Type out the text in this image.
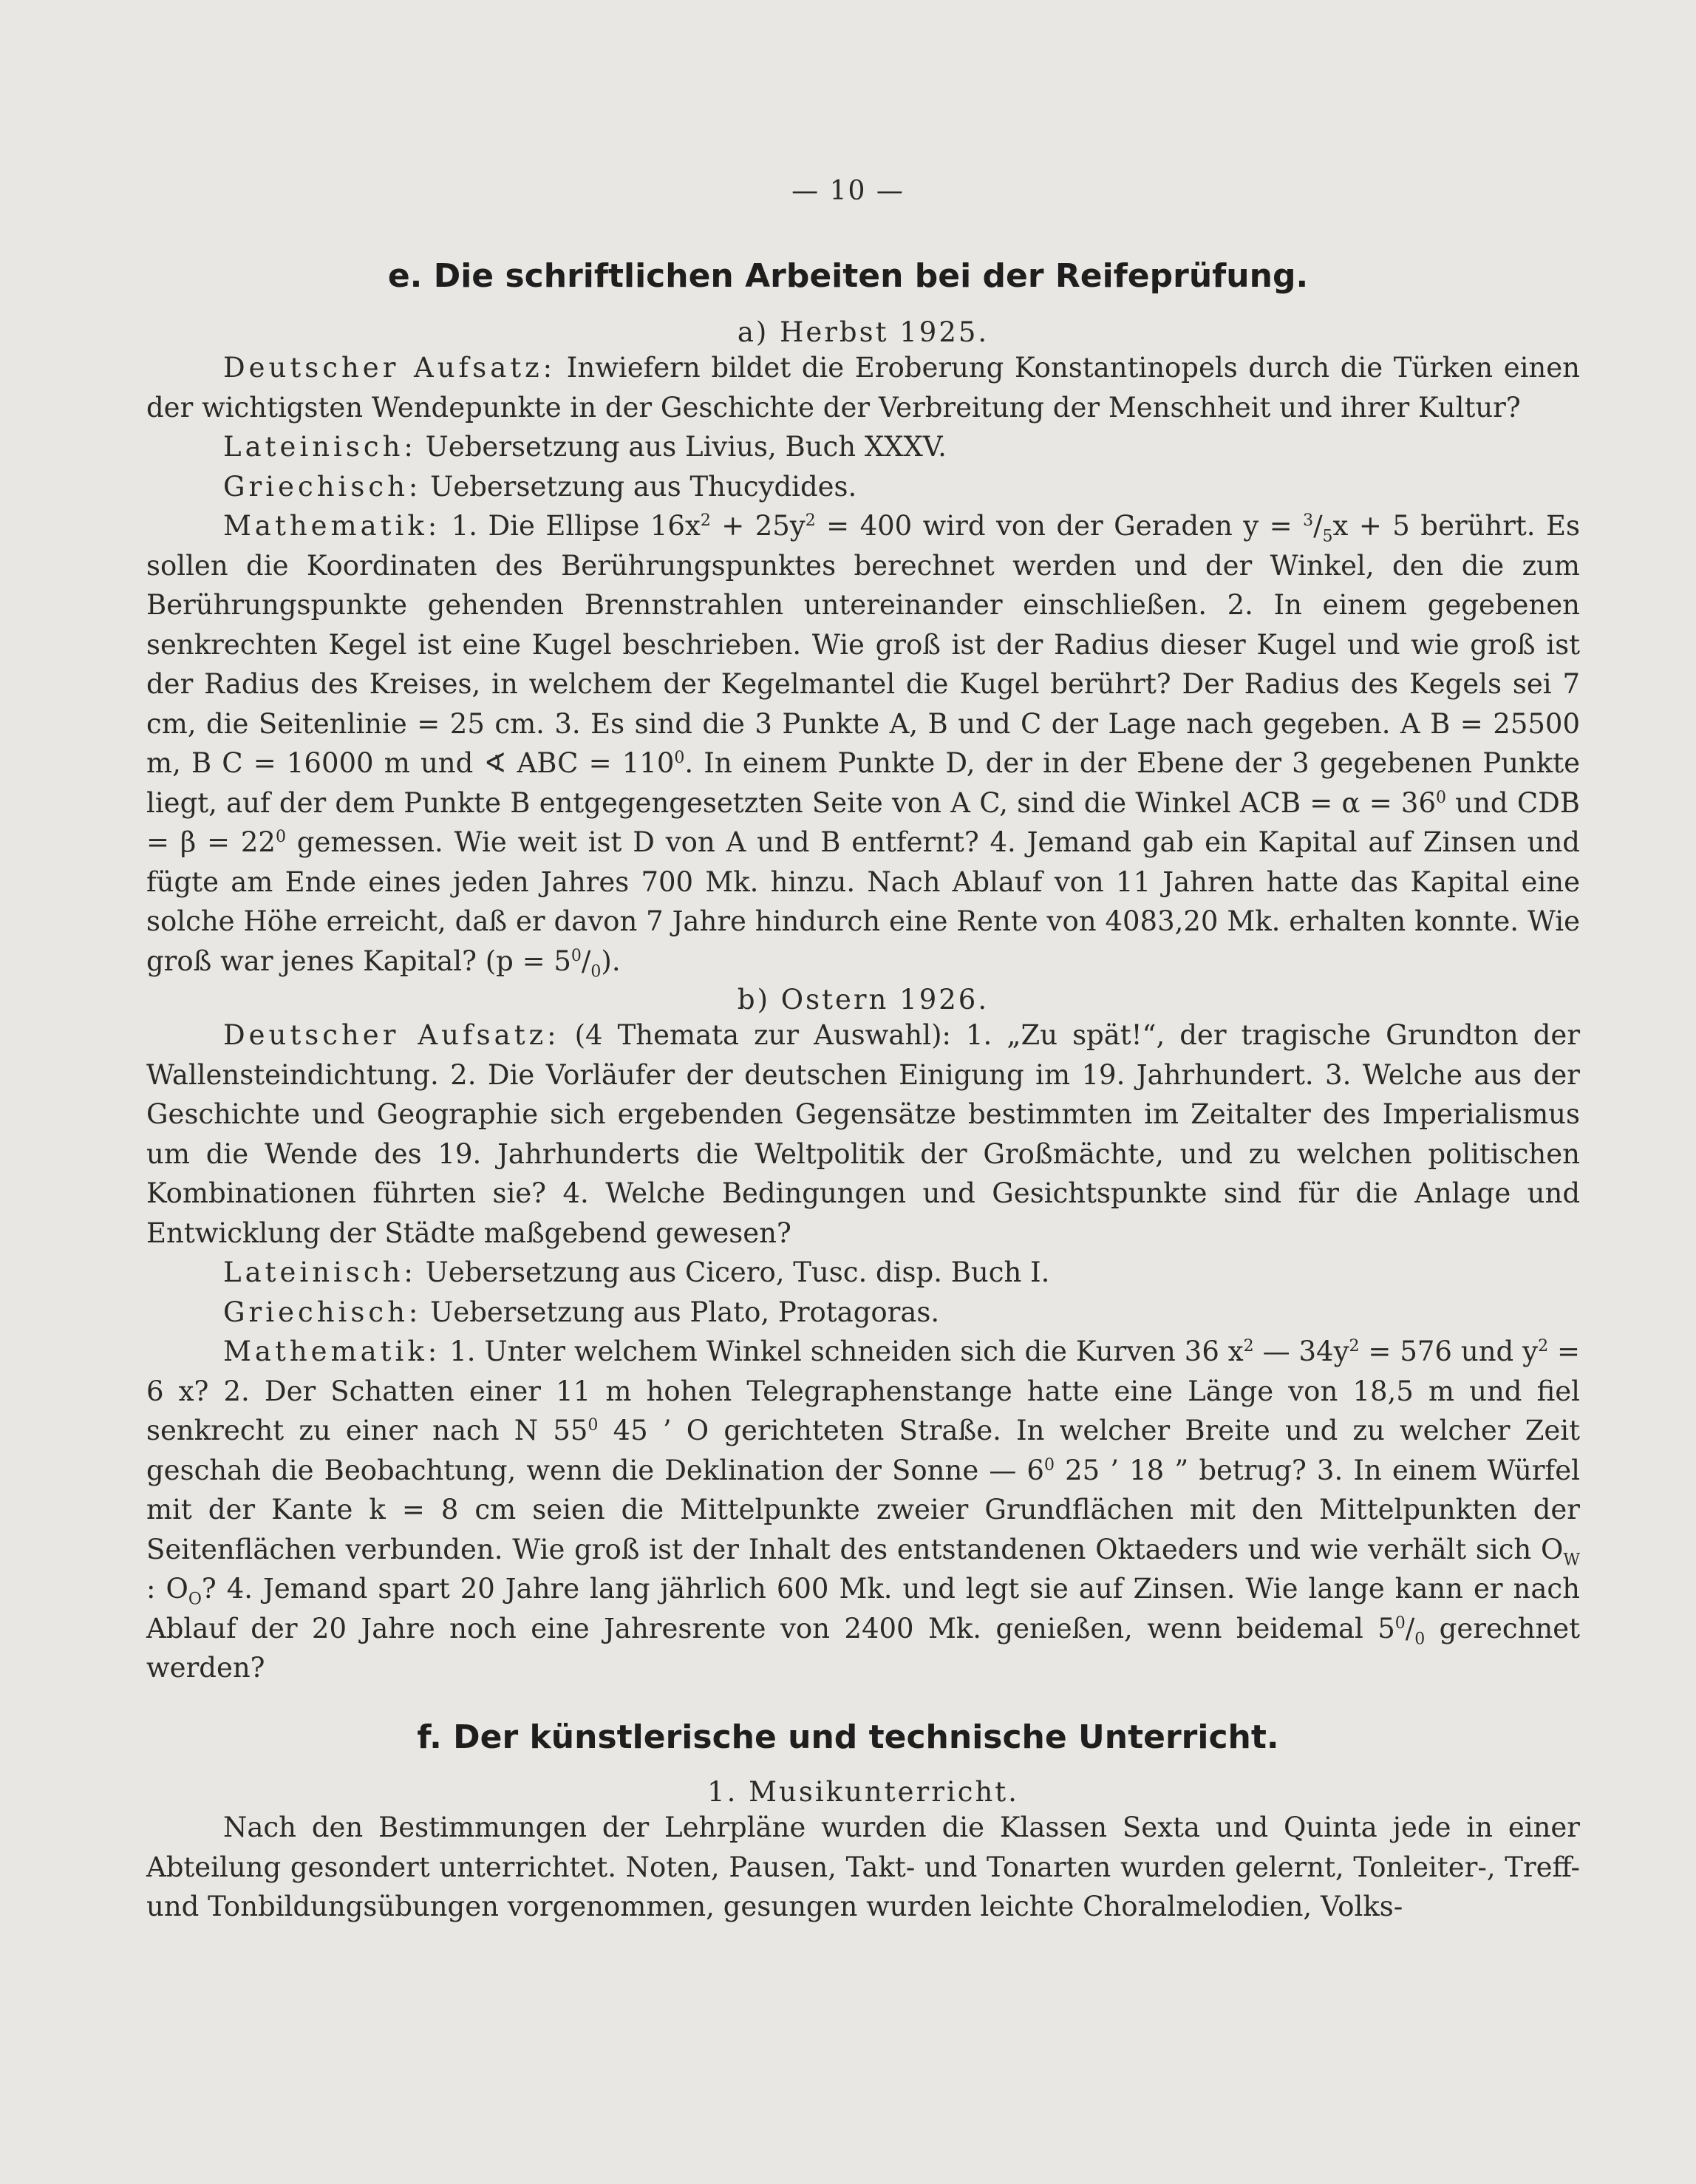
— 10 —
e. Die schriftlichen Arbeiten bei der Reifeprüfung.
a) Herbst 1925.

Deutscher Aufsatz: Inwiefern bildet die Eroberung Konstantinopels durch die Türken einen der wichtigsten Wendepunkte in der Geschichte der Verbreitung der Menschheit und ihrer Kultur?

Lateinisch: Uebersetzung aus Livius, Buch XXXV.

Griechisch: Uebersetzung aus Thucydides.

Mathematik: 1. Die Ellipse $16x^2 + 25y^2 = 400$ wird von der Geraden $y = ^3/_5x + 5$ berührt. Es sollen die Koordinaten des Berührungspunktes berechnet werden und der Winkel, den die zum Berührungspunkte gehenden Brennstrahlen untereinander einschließen. 2. In einem gegebenen senkrechten Kegel ist eine Kugel beschrieben. Wie groß ist der Radius dieser Kugel und wie groß ist der Radius des Kreises, in welchem der Kegelmantel die Kugel berührt? Der Radius des Kegels sei 7 cm, die Seitenlinie = 25 cm. 3. Es sind die 3 Punkte A, B und C der Lage nach gegeben. A B = 25500 m, B C = 16000 m und ∢ ABC = $110^0$. In einem Punkte D, der in der Ebene der 3 gegebenen Punkte liegt, auf der dem Punkte B entgegengesetzten Seite von A C, sind die Winkel ACB = $\alpha = 36^0$ und CDB = $\beta = 22^0$ gemessen. Wie weit ist D von A und B entfernt? 4. Jemand gab ein Kapital auf Zinsen und fügte am Ende eines jeden Jahres 700 Mk. hinzu. Nach Ablauf von 11 Jahren hatte das Kapital eine solche Höhe erreicht, daß er davon 7 Jahre hindurch eine Rente von 4083,20 Mk. erhalten konnte. Wie groß war jenes Kapital? $(p = 5^0/_0)$.

b) Ostern 1926.

Deutscher Aufsatz: (4 Themata zur Auswahl): 1. „Zu spät!“, der tragische Grundton der Wallensteindichtung. 2. Die Vorläufer der deutschen Einigung im 19. Jahrhundert. 3. Welche aus der Geschichte und Geographie sich ergebenden Gegensätze bestimmten im Zeitalter des Imperialismus um die Wende des 19. Jahrhunderts die Weltpolitik der Großmächte, und zu welchen politischen Kombinationen führten sie? 4. Welche Bedingungen und Gesichtspunkte sind für die Anlage und Entwicklung der Städte maßgebend gewesen?

Lateinisch: Uebersetzung aus Cicero, Tusc. disp. Buch I.

Griechisch: Uebersetzung aus Plato, Protagoras.

Mathematik: 1. Unter welchem Winkel schneiden sich die Kurven 36 $x^2$ — $34y^2 = 576$ und $y^2 = 6$ x? 2. Der Schatten einer 11 m hohen Telegraphenstange hatte eine Länge von 18,5 m und fiel senkrecht zu einer nach N $55^0$ 45 ’ O gerichteten Straße. In welcher Breite und zu welcher Zeit geschah die Beobachtung, wenn die Deklination der Sonne — $6^0$ 25 ’ 18 ” betrug? 3. In einem Würfel mit der Kante k = 8 cm seien die Mittelpunkte zweier Grundflächen mit den Mittelpunkten der Seitenflächen verbunden. Wie groß ist der Inhalt des entstandenen Oktaeders und wie verhält sich $O_W$ : $O_O$? 4. Jemand spart 20 Jahre lang jährlich 600 Mk. und legt sie auf Zinsen. Wie lange kann er nach Ablauf der 20 Jahre noch eine Jahresrente von 2400 Mk. genießen, wenn beidemal $5^0/_0$ gerechnet werden?

f. Der künstlerische und technische Unterricht.
1. Musikunterricht.

Nach den Bestimmungen der Lehrpläne wurden die Klassen Sexta und Quinta jede in einer Abteilung gesondert unterrichtet. Noten, Pausen, Takt- und Tonarten wurden gelernt, Tonleiter-, Treff- und Tonbildungsübungen vorgenommen, gesungen wurden leichte Choralmelodien, Volks-
